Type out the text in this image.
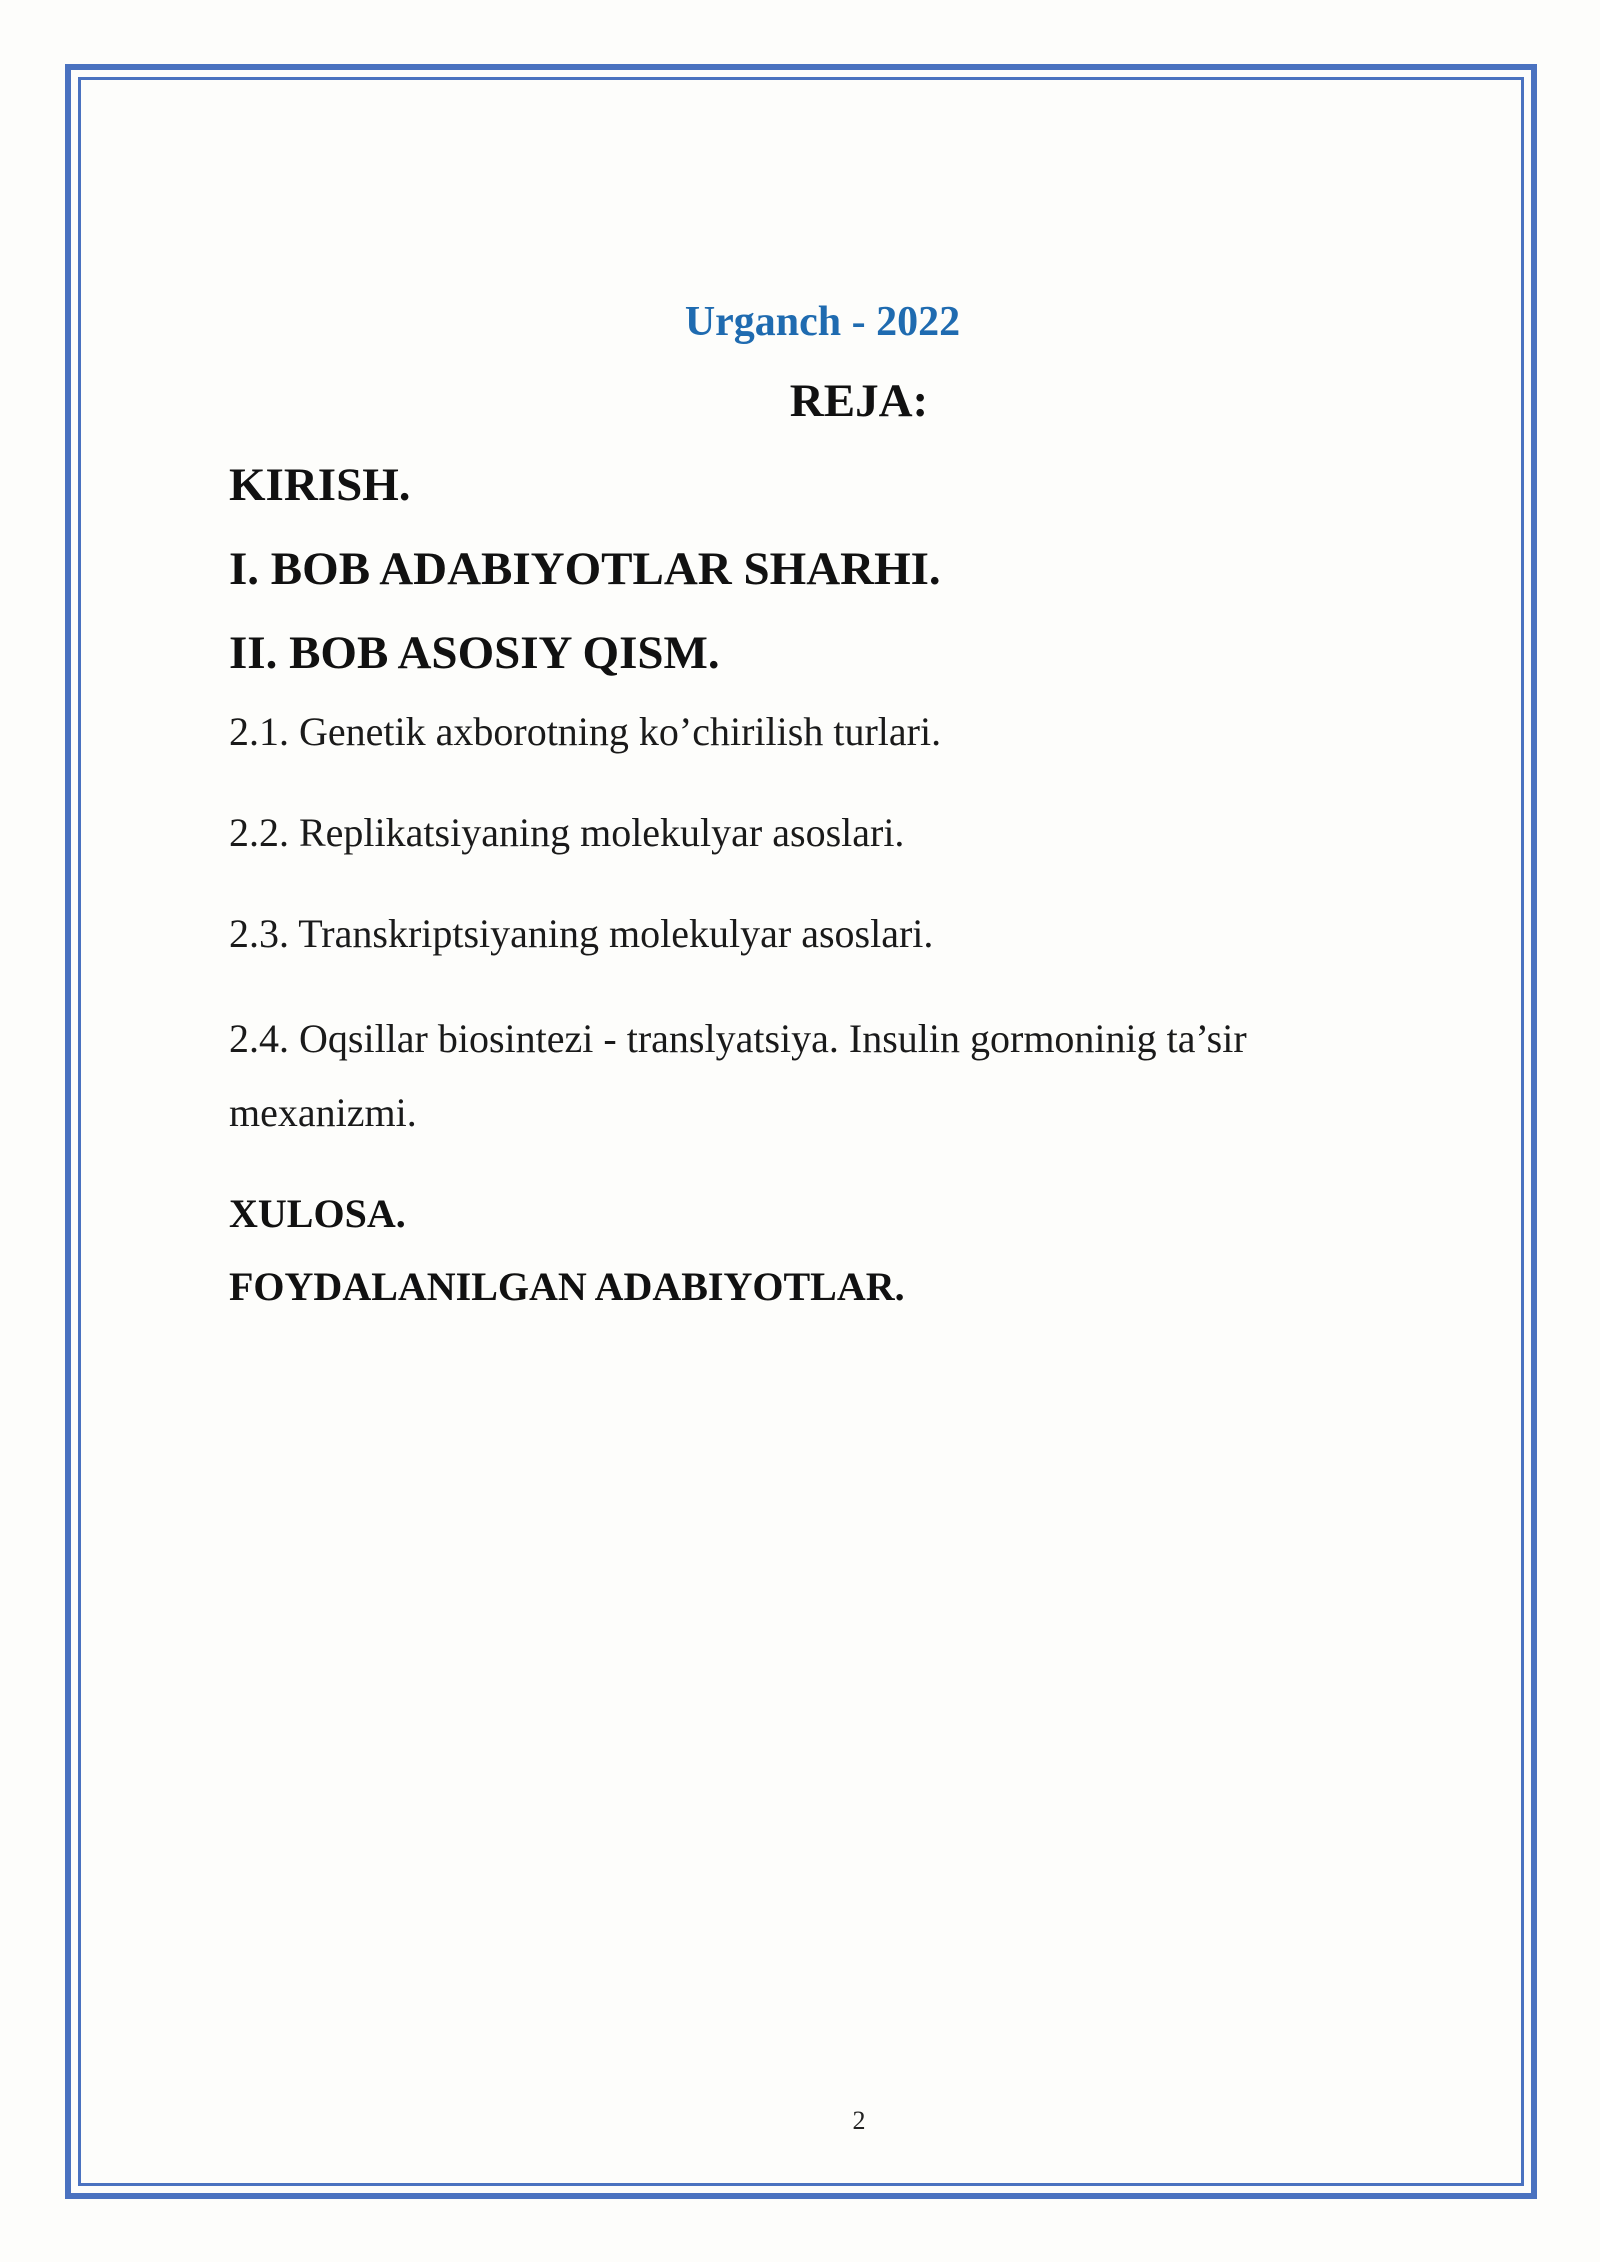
Urganch - 2022
REJA:
KIRISH.
I. BOB ADABIYOTLAR SHARHI.
II. BOB ASOSIY QISM.
2.1. Genetik axborotning ko’chirilish turlari.
2.2. Replikatsiyaning molekulyar asoslari.
2.3. Transkriptsiyaning molekulyar asoslari.
2.4. Oqsillar biosintezi - translyatsiya. Insulin gormoninig ta’sir mexanizmi.
XULOSA.
FOYDALANILGAN ADABIYOTLAR.
2
